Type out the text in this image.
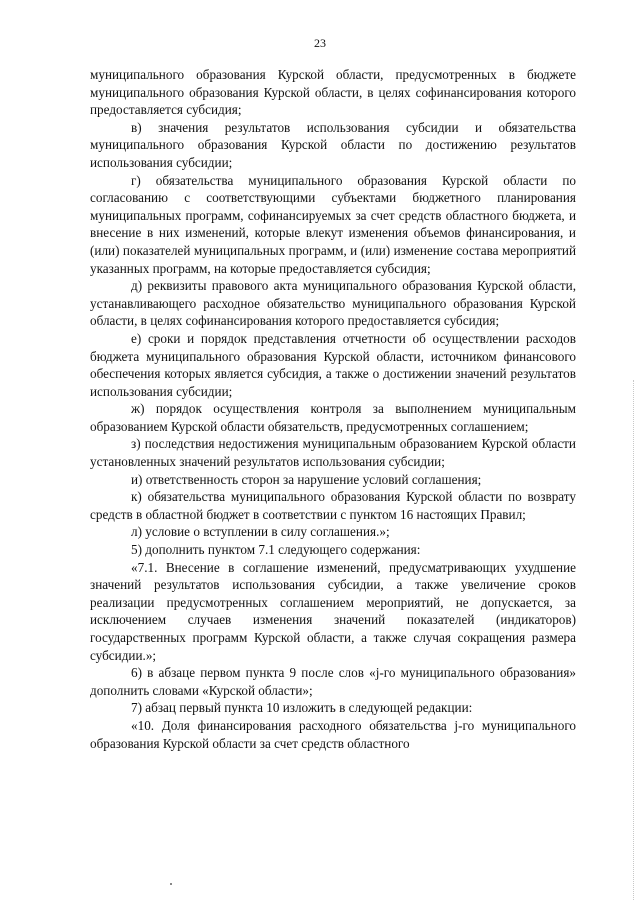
23

муниципального образования Курской области, предусмотренных в бюджете муниципального образования Курской области, в целях софинансирования которого предоставляется субсидия;

в) значения результатов использования субсидии и обязательства муниципального образования Курской области по достижению результатов использования субсидии;

г) обязательства муниципального образования Курской области по согласованию с соответствующими субъектами бюджетного планирования муниципальных программ, софинансируемых за счет средств областного бюджета, и внесение в них изменений, которые влекут изменения объемов финансирования, и (или) показателей муниципальных программ, и (или) изменение состава мероприятий указанных программ, на которые предоставляется субсидия;

д) реквизиты правового акта муниципального образования Курской области, устанавливающего расходное обязательство муниципального образования Курской области, в целях софинансирования которого предоставляется субсидия;

е) сроки и порядок представления отчетности об осуществлении расходов бюджета муниципального образования Курской области, источником финансового обеспечения которых является субсидия, а также о достижении значений результатов использования субсидии;

ж) порядок осуществления контроля за выполнением муниципальным образованием Курской области обязательств, предусмотренных соглашением;

з) последствия недостижения муниципальным образованием Курской области установленных значений результатов использования субсидии;

и) ответственность сторон за нарушение условий соглашения;

к) обязательства муниципального образования Курской области по возврату средств в областной бюджет в соответствии с пунктом 16 настоящих Правил;

л) условие о вступлении в силу соглашения.»;

5) дополнить пунктом 7.1 следующего содержания:

«7.1. Внесение в соглашение изменений, предусматривающих ухудшение значений результатов использования субсидии, а также увеличение сроков реализации предусмотренных соглашением мероприятий, не допускается, за исключением случаев изменения значений показателей (индикаторов) государственных программ Курской области, а также случая сокращения размера субсидии.»;

6) в абзаце первом пункта 9 после слов «j-го муниципального образования» дополнить словами «Курской области»;

7) абзац первый пункта 10 изложить в следующей редакции:

«10. Доля финансирования расходного обязательства j-го муниципального образования Курской области за счет средств областного
